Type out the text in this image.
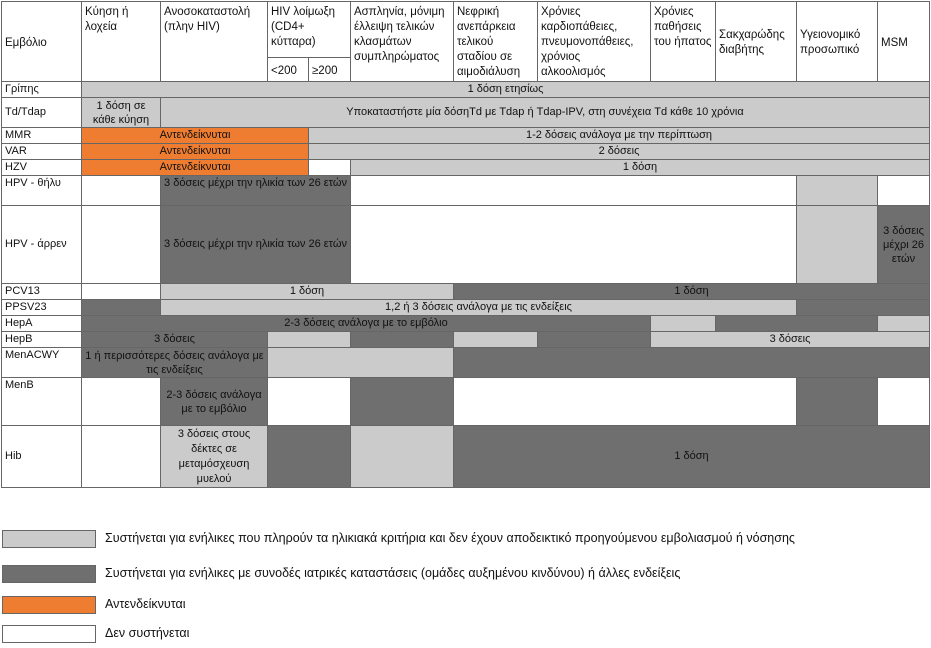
Εμβόλιο	Κύηση ή λοχεία	Ανοσοκαταστολή (πλην HIV)	HIV λοίμωξη (CD4+ κύτταρα)		Ασπληνία, μόνιμη έλλειψη τελικών κλασμάτων συμπληρώματος	Νεφρική ανεπάρκεια τελικού σταδίου σε αιμοδιάλυση	Χρόνιες καρδιοπάθειες, πνευμονοπάθειες, χρόνιος αλκοολισμός	Χρόνιες παθήσεις του ήπατος	Σακχαρώδης διαβήτης	Υγειονομικό προσωπικό	MSM
			<200	≥200							
Γρίπης	1 δόση ετησίως										
Td/Tdap	1 δόση σε κάθε κύηση	Υποκαταστήστε μία δόσηTd με Tdap ή Tdap-IPV, στη συνέχεια Td κάθε 10 χρόνια									
MMR	Αντενδείκνυται			1-2 δόσεις ανάλογα με την περίπτωση							
VAR	Αντενδείκνυται			2 δόσεις							
HZV	Αντενδείκνυται				1 δόση						
HPV - θήλυ		3 δόσεις μέχρι την ηλικία των 26 ετών									
HPV - άρρεν		3 δόσεις μέχρι την ηλικία των 26 ετών									3 δόσεις μέχρι 26 ετών
PCV13		1 δόση				1 δόση					
PPSV23		1,2 ή 3 δόσεις ανάλογα με τις ενδείξεις									
HepA	2-3 δόσεις ανάλογα με το εμβόλιο										
HepB	3 δόσεις							3 δόσεις			
MenACWY	1 ή περισσότερες δόσεις ανάλογα με τις ενδείξεις										
MenB		2-3 δόσεις ανάλογα με το εμβόλιο									
Hib		3 δόσεις στους δέκτες σε μεταμόσχευση μυελού				1 δόση					
Συστήνεται για ενήλικες που πληρούν τα ηλικιακά κριτήρια και δεν έχουν αποδεικτικό προηγούμενου εμβολιασμού ή νόσησης
Συστήνεται για ενήλικες με συνοδές ιατρικές καταστάσεις (ομάδες αυξημένου κινδύνου) ή άλλες ενδείξεις
Αντενδείκνυται
Δεν συστήνεται
